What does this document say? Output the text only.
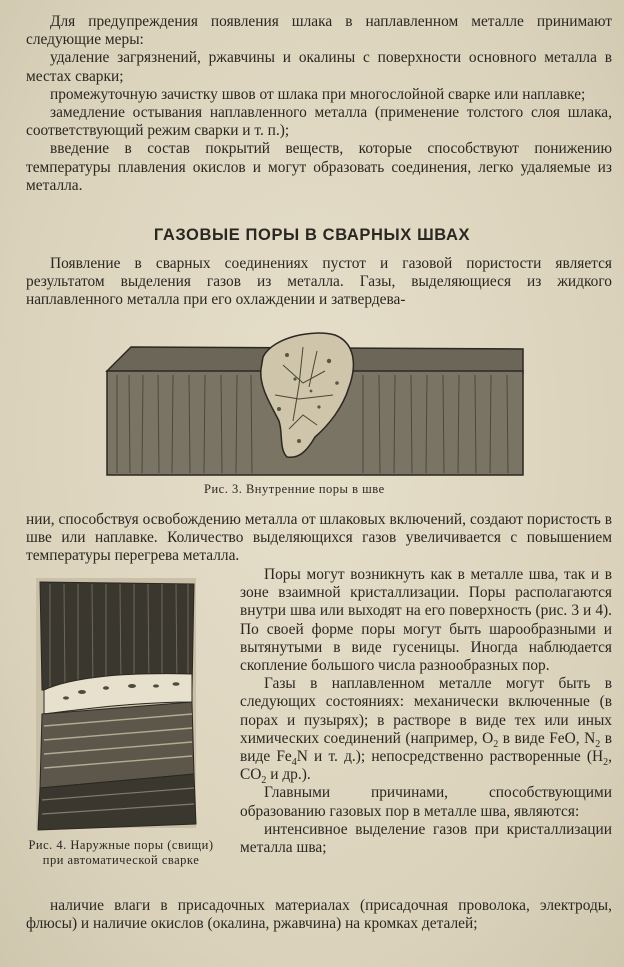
Для предупреждения появления шлака в наплавленном металле принимают следующие меры:

удаление загрязнений, ржавчины и окалины с поверхности основного металла в местах сварки;

промежуточную зачистку швов от шлака при многослойной сварке или наплавке;

замедление остывания наплавленного металла (применение толстого слоя шлака, соответствующий режим сварки и т. п.);

введение в состав покрытий веществ, которые способствуют понижению температуры плавления окислов и могут образовать соединения, легко удаляемые из металла.

ГАЗОВЫЕ ПОРЫ В СВАРНЫХ ШВАХ

Появление в сварных соединениях пустот и газовой пористости является результатом выделения газов из металла. Газы, выделяющиеся из жидкого наплавленного металла при его охлаждении и затвердева-

Рис. 3. Внутренние поры в шве

нии, способствуя освобождению металла от шлаковых включений, создают пористость в шве или наплавке. Количество выделяющихся газов увеличивается с повышением температуры перегрева металла.

Рис. 4. Наружные поры (свищи) при автоматической сварке

Поры могут возникнуть как в металле шва, так и в зоне взаимной кристаллизации. Поры располагаются внутри шва или выходят на его поверхность (рис. 3 и 4). По своей форме поры могут быть шарообразными и вытянутыми в виде гусеницы. Иногда наблюдается скопление большого числа разнообразных пор.

Газы в наплавленном металле могут быть в следующих состояниях: механически включенные (в порах и пузырях); в растворе в виде тех или иных химических соединений (например, $O_2$ в виде FeO, $N_2$ в виде $Fe_4N$ и т. д.); непосредственно растворенные ($H_2$, $CO_2$ и др.).

Главными причинами, способствующими образованию газовых пор в металле шва, являются:

интенсивное выделение газов при кристаллизации металла шва;

наличие влаги в присадочных материалах (присадочная проволока, электроды, флюсы) и наличие окислов (окалина, ржавчина) на кромках деталей;
